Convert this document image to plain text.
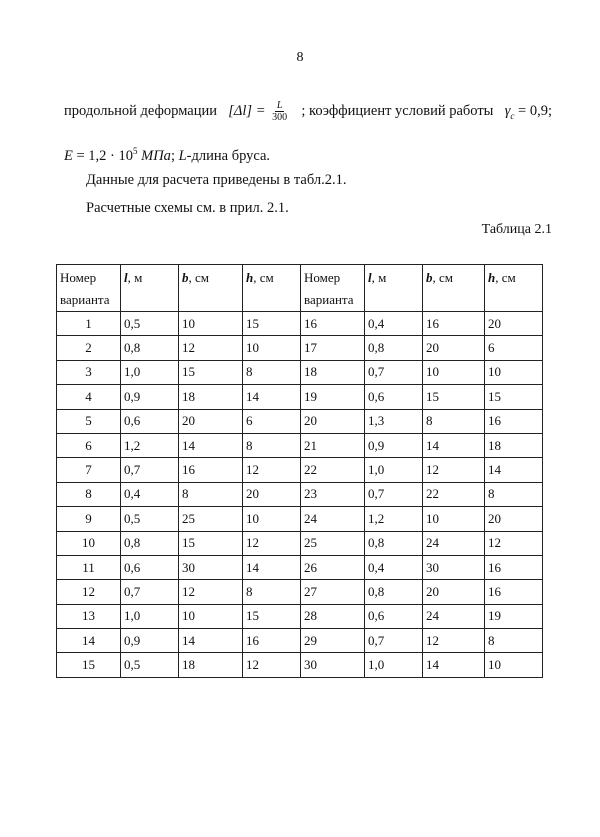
8
продольной деформации $[\Delta l] = \frac{L}{300}$ ; коэффициент условий работы $\gamma_c = 0,9$;
$E = 1,2 \cdot 10^5$ МПа; L-длина бруса.
Данные для расчета приведены в табл.2.1.
Расчетные схемы см. в прил. 2.1.
Таблица 2.1
Номер варианта	l, м	b, см	h, см	Номер варианта	l, м	b, см	h, см
1	0,5	10	15	16	0,4	16	20
2	0,8	12	10	17	0,8	20	6
3	1,0	15	8	18	0,7	10	10
4	0,9	18	14	19	0,6	15	15
5	0,6	20	6	20	1,3	8	16
6	1,2	14	8	21	0,9	14	18
7	0,7	16	12	22	1,0	12	14
8	0,4	8	20	23	0,7	22	8
9	0,5	25	10	24	1,2	10	20
10	0,8	15	12	25	0,8	24	12
11	0,6	30	14	26	0,4	30	16
12	0,7	12	8	27	0,8	20	16
13	1,0	10	15	28	0,6	24	19
14	0,9	14	16	29	0,7	12	8
15	0,5	18	12	30	1,0	14	10
